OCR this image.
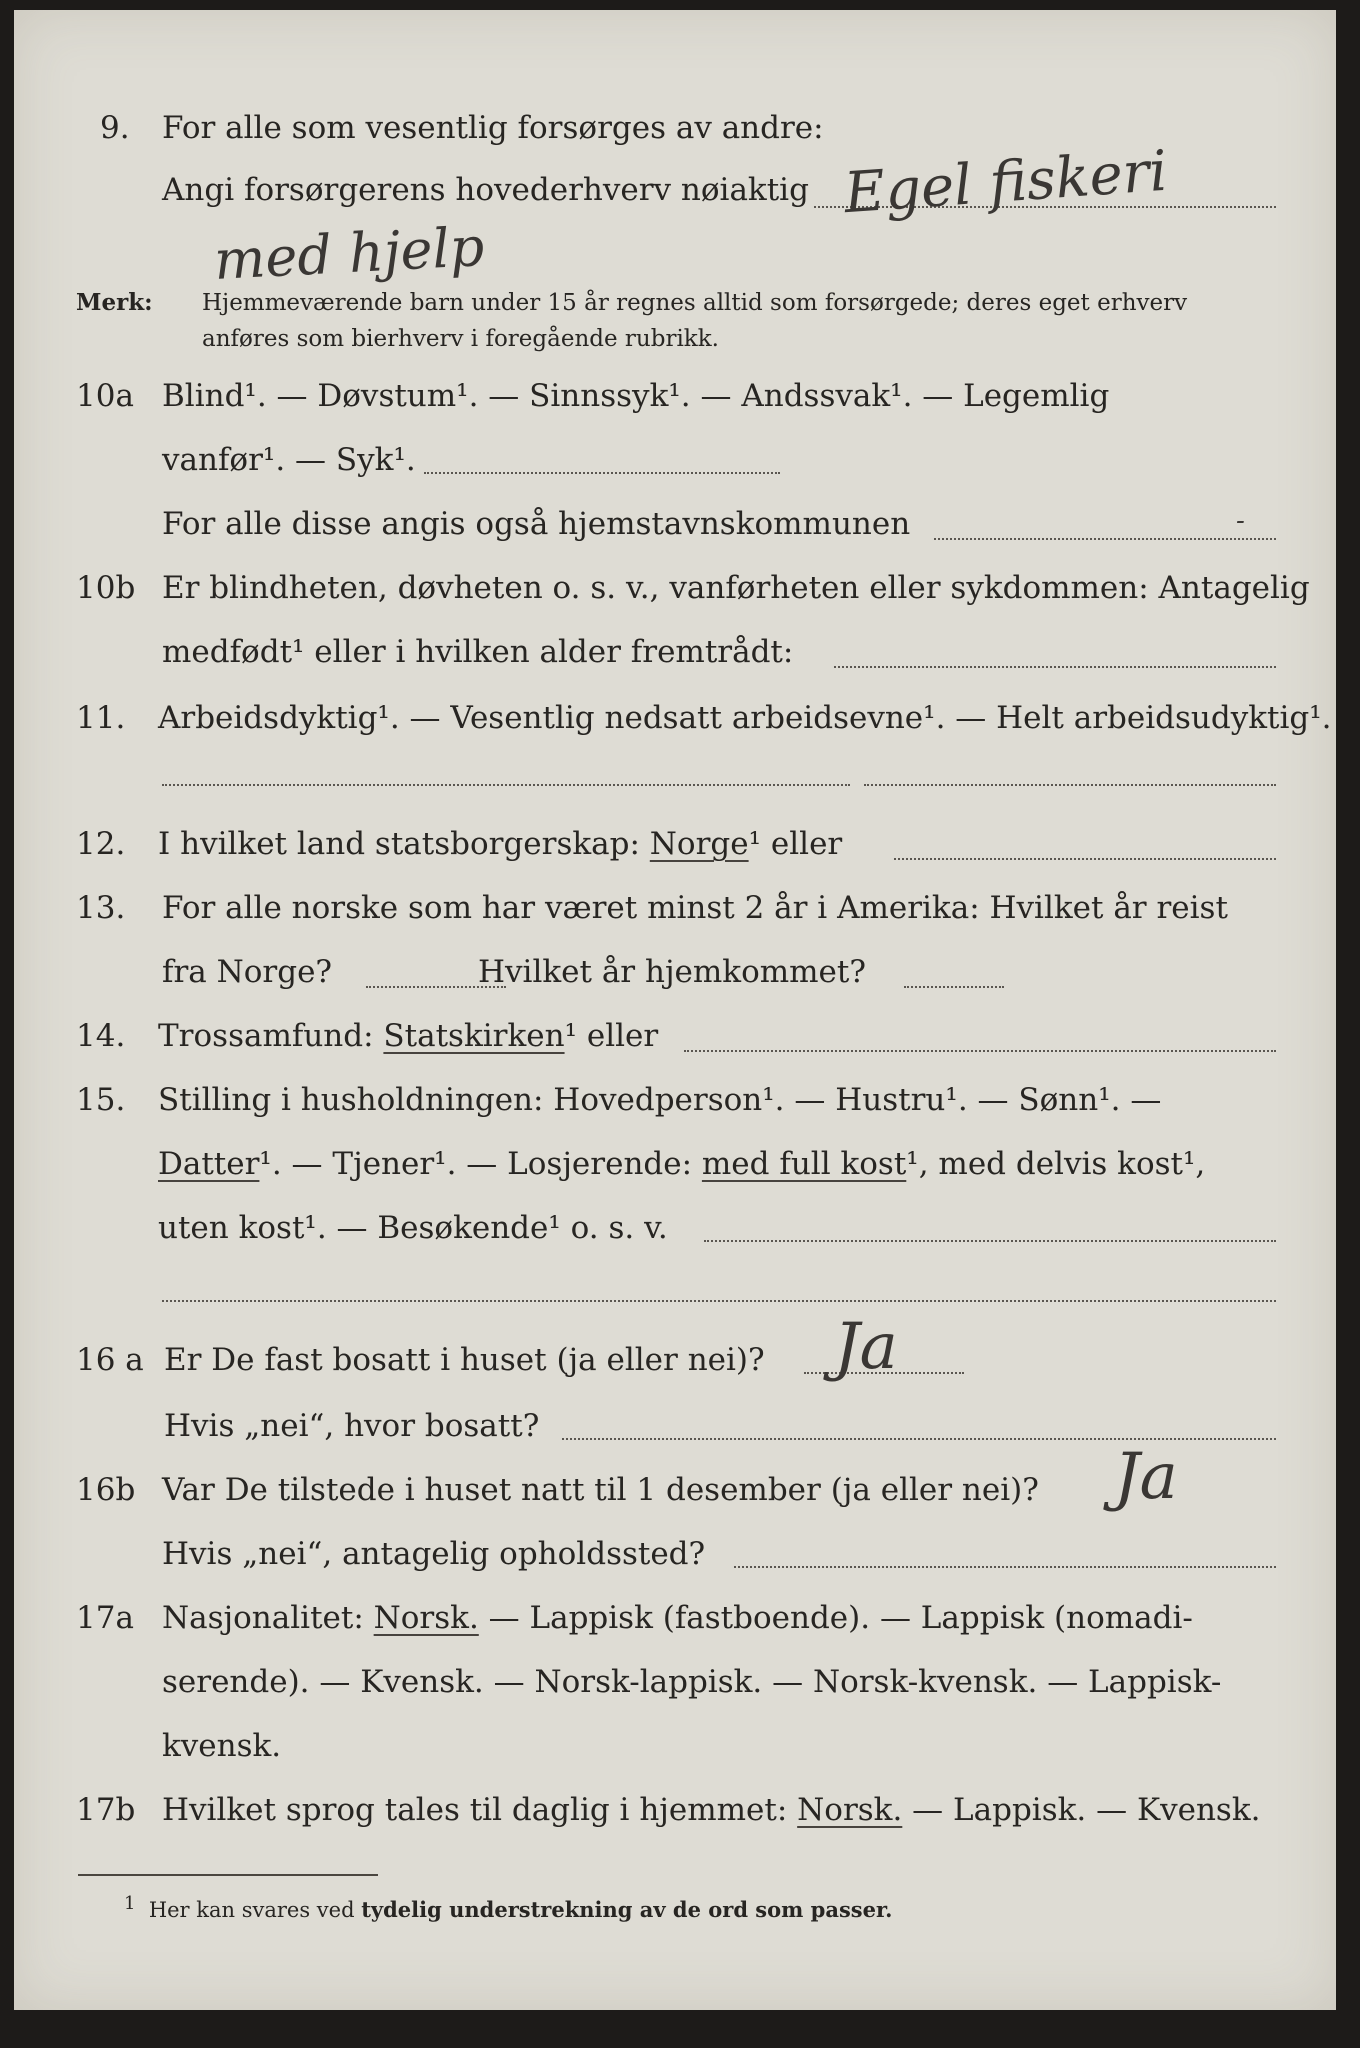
9. For alle som vesentlig forsørges av andre:
Angi forsørgerens hovederhverv nøiaktig Egel fiskeri
med hjelp
Merk: Hjemmeværende barn under 15 år regnes alltid som forsørgede; deres eget erhverv
anføres som bierhverv i foregående rubrikk.
10a Blind¹. — Døvstum¹. — Sinnssyk¹. — Andssvak¹. — Legemlig
vanfør¹. — Syk¹.
For alle disse angis også hjemstavnskommunen	-
10b Er blindheten, døvheten o. s. v., vanførheten eller sykdommen: Antagelig
medfødt¹ eller i hvilken alder fremtrådt:
11. Arbeidsdyktig¹. — Vesentlig nedsatt arbeidsevne¹. — Helt arbeidsudyktig¹.
12. I hvilket land statsborgerskap: Norge¹ eller
13. For alle norske som har været minst 2 år i Amerika: Hvilket år reist
fra Norge?	Hvilket år hjemkommet?
14. Trossamfund: Statskirken¹ eller
15. Stilling i husholdningen: Hovedperson¹. — Hustru¹. — Sønn¹. —
Datter¹. — Tjener¹. — Losjerende: med full kost¹, med delvis kost¹,
uten kost¹. — Besøkende¹ o. s. v.
16 a Er De fast bosatt i huset (ja eller nei)? Ja
Hvis „nei“, hvor bosatt?
16b Var De tilstede i huset natt til 1 desember (ja eller nei)? Ja
Hvis „nei“, antagelig opholdssted?
17a Nasjonalitet: Norsk. — Lappisk (fastboende). — Lappisk (nomadi-
serende). — Kvensk. — Norsk-lappisk. — Norsk-kvensk. — Lappisk-
kvensk.
17b Hvilket sprog tales til daglig i hjemmet: Norsk. — Lappisk. — Kvensk.
1 Her kan svares ved tydelig understrekning av de ord som passer.
